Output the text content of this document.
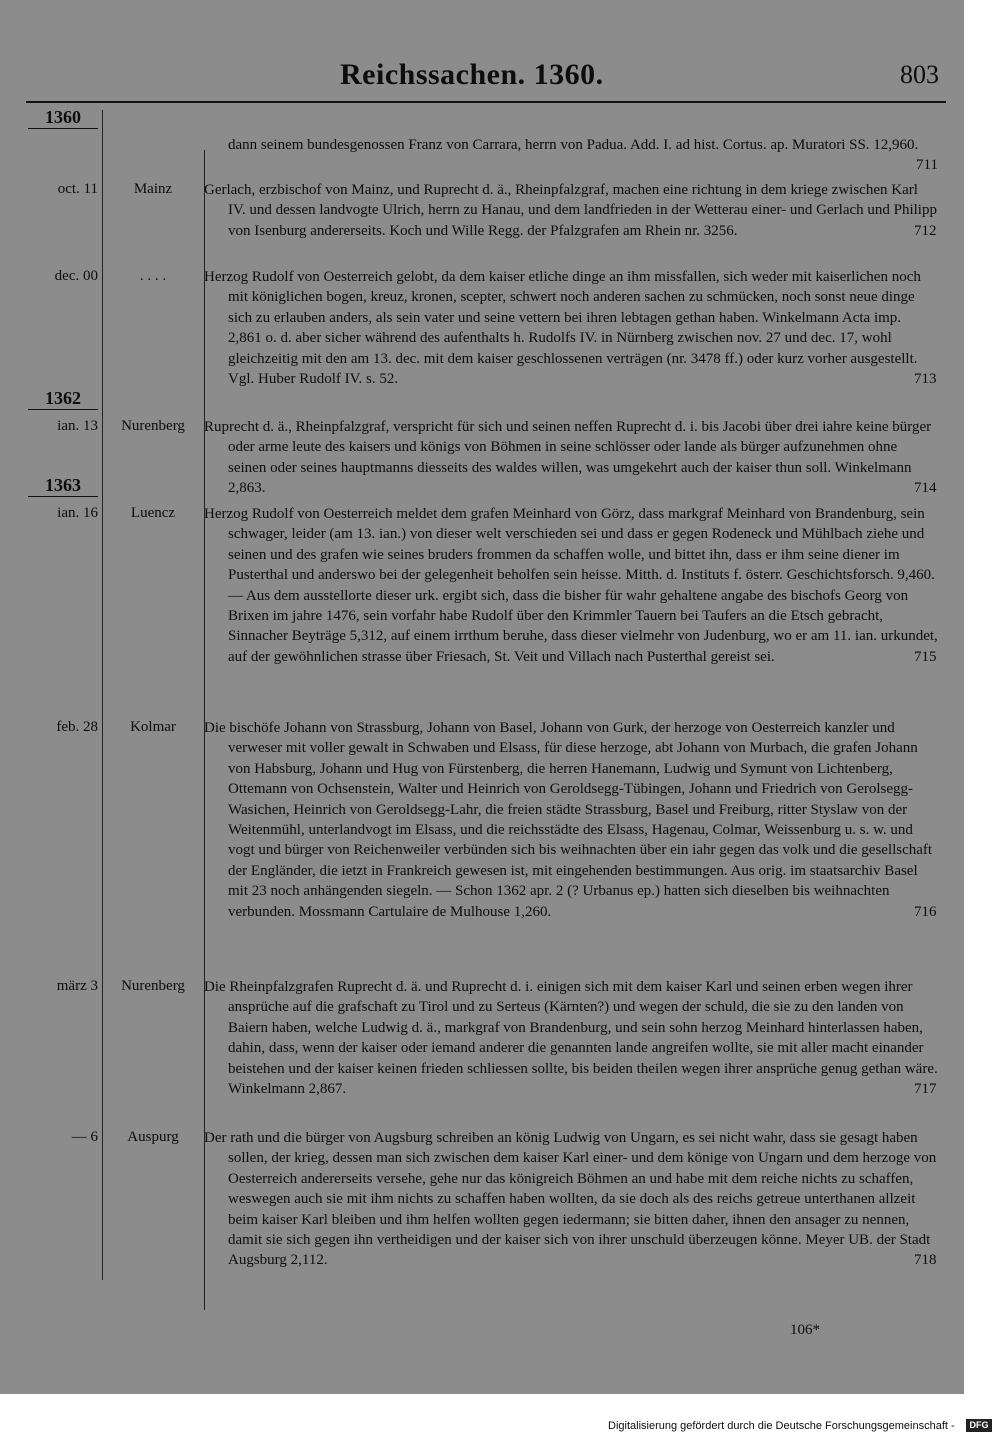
Reichssachen. 1360.	803
1360
1362
1363

dann seinem bundesgenossen Franz von Carrara, herrn von Padua. Add. I. ad hist. Cortus. ap. Muratori SS. 12,960.
711

oct. 11	Mainz	Gerlach, erzbischof von Mainz, und Ruprecht d. ä., Rheinpfalzgraf, machen eine richtung in dem kriege zwischen Karl IV. und dessen landvogte Ulrich, herrn zu Hanau, und dem landfrieden in der Wetterau einer- und Gerlach und Philipp von Isenburg andererseits. Koch und Wille Regg. der Pfalzgrafen am Rhein nr. 3256.	712

dec. 00	. . . .	Herzog Rudolf von Oesterreich gelobt, da dem kaiser etliche dinge an ihm missfallen, sich weder mit kaiserlichen noch mit königlichen bogen, kreuz, kronen, scepter, schwert noch anderen sachen zu schmücken, noch sonst neue dinge sich zu erlauben anders, als sein vater und seine vettern bei ihren lebtagen gethan haben. Winkelmann Acta imp. 2,861 o. d. aber sicher während des aufenthalts h. Rudolfs IV. in Nürnberg zwischen nov. 27 und dec. 17, wohl gleichzeitig mit den am 13. dec. mit dem kaiser geschlossenen verträgen (nr. 3478 ff.) oder kurz vorher ausgestellt. Vgl. Huber Rudolf IV. s. 52.	713

ian. 13	Nurenberg	Ruprecht d. ä., Rheinpfalzgraf, verspricht für sich und seinen neffen Ruprecht d. i. bis Jacobi über drei iahre keine bürger oder arme leute des kaisers und königs von Böhmen in seine schlösser oder lande als bürger aufzunehmen ohne seinen oder seines hauptmanns diesseits des waldes willen, was umgekehrt auch der kaiser thun soll. Winkelmann 2,863.	714

ian. 16	Luencz	Herzog Rudolf von Oesterreich meldet dem grafen Meinhard von Görz, dass markgraf Meinhard von Brandenburg, sein schwager, leider (am 13. ian.) von dieser welt verschieden sei und dass er gegen Rodeneck und Mühlbach ziehe und seinen und des grafen wie seines bruders frommen da schaffen wolle, und bittet ihn, dass er ihm seine diener im Pusterthal und anderswo bei der gelegenheit beholfen sein heisse. Mitth. d. Instituts f. österr. Geschichtsforsch. 9,460. — Aus dem ausstellorte dieser urk. ergibt sich, dass die bisher für wahr gehaltene angabe des bischofs Georg von Brixen im jahre 1476, sein vorfahr habe Rudolf über den Krimmler Tauern bei Taufers an die Etsch gebracht, Sinnacher Beyträge 5,312, auf einem irrthum beruhe, dass dieser vielmehr von Judenburg, wo er am 11. ian. urkundet, auf der gewöhnlichen strasse über Friesach, St. Veit und Villach nach Pusterthal gereist sei.	715

feb. 28	Kolmar	Die bischöfe Johann von Strassburg, Johann von Basel, Johann von Gurk, der herzoge von Oesterreich kanzler und verweser mit voller gewalt in Schwaben und Elsass, für diese herzoge, abt Johann von Murbach, die grafen Johann von Habsburg, Johann und Hug von Fürstenberg, die herren Hanemann, Ludwig und Symunt von Lichtenberg, Ottemann von Ochsenstein, Walter und Heinrich von Geroldsegg-Tübingen, Johann und Friedrich von Gerolsegg-Wasichen, Heinrich von Geroldsegg-Lahr, die freien städte Strassburg, Basel und Freiburg, ritter Styslaw von der Weitenmühl, unterlandvogt im Elsass, und die reichsstädte des Elsass, Hagenau, Colmar, Weissenburg u. s. w. und vogt und bürger von Reichenweiler verbünden sich bis weihnachten über ein iahr gegen das volk und die gesellschaft der Engländer, die ietzt in Frankreich gewesen ist, mit eingehenden bestimmungen. Aus orig. im staatsarchiv Basel mit 23 noch anhängenden siegeln. — Schon 1362 apr. 2 (? Urbanus ep.) hatten sich dieselben bis weihnachten verbunden. Mossmann Cartulaire de Mulhouse 1,260.	716

märz 3	Nurenberg	Die Rheinpfalzgrafen Ruprecht d. ä. und Ruprecht d. i. einigen sich mit dem kaiser Karl und seinen erben wegen ihrer ansprüche auf die grafschaft zu Tirol und zu Serteus (Kärnten?) und wegen der schuld, die sie zu den landen von Baiern haben, welche Ludwig d. ä., markgraf von Brandenburg, und sein sohn herzog Meinhard hinterlassen haben, dahin, dass, wenn der kaiser oder iemand anderer die genannten lande angreifen wollte, sie mit aller macht einander beistehen und der kaiser keinen frieden schliessen sollte, bis beiden theilen wegen ihrer ansprüche genug gethan wäre. Winkelmann 2,867.	717

— 6	Auspurg	Der rath und die bürger von Augsburg schreiben an könig Ludwig von Ungarn, es sei nicht wahr, dass sie gesagt haben sollen, der krieg, dessen man sich zwischen dem kaiser Karl einer- und dem könige von Ungarn und dem herzoge von Oesterreich andererseits versehe, gehe nur das königreich Böhmen an und habe mit dem reiche nichts zu schaffen, weswegen auch sie mit ihm nichts zu schaffen haben wollten, da sie doch als des reichs getreue unterthanen allzeit beim kaiser Karl bleiben und ihm helfen wollten gegen iedermann; sie bitten daher, ihnen den ansager zu nennen, damit sie sich gegen ihn vertheidigen und der kaiser sich von ihrer unschuld überzeugen könne. Meyer UB. der Stadt Augsburg 2,112.	718

106*
Digitalisierung gefördert durch die Deutsche Forschungsgemeinschaft -	DFG
